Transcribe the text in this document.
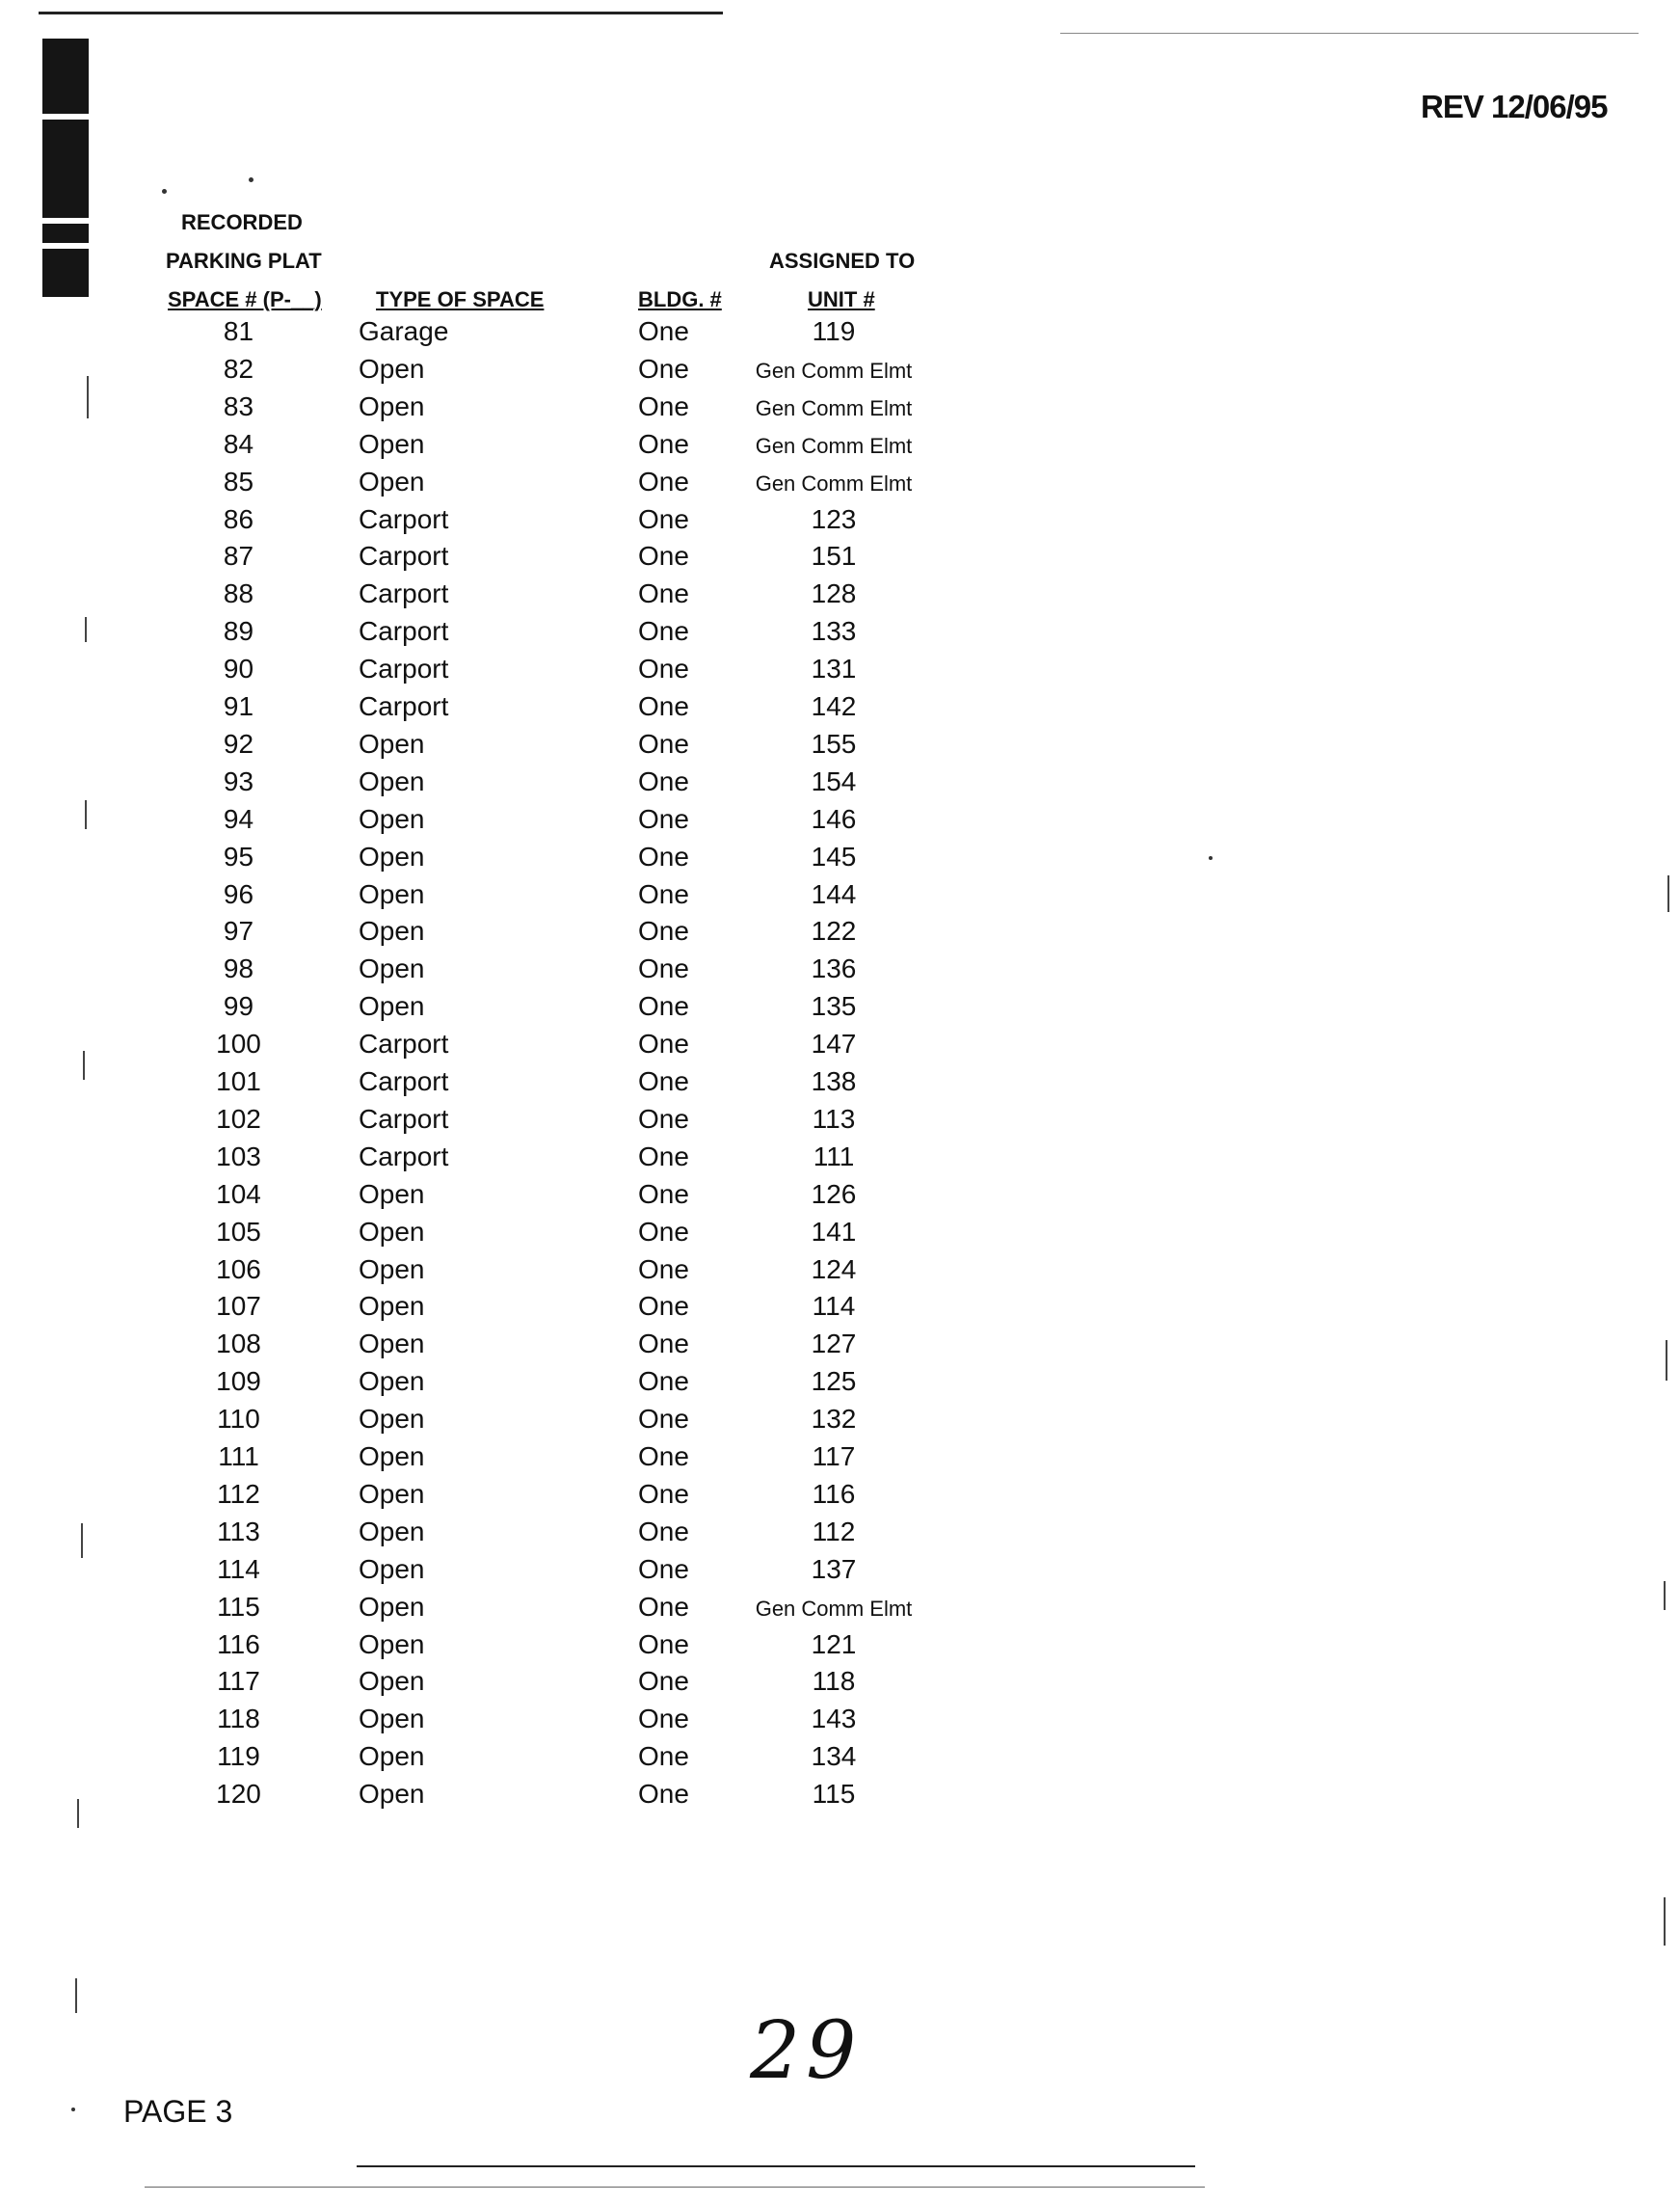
REV 12/06/95
RECORDED
PARKING PLAT
SPACE # (P-__)	TYPE OF SPACE	BLDG. #
ASSIGNED TO
UNIT #
81	Garage	One	119
82	Open	One	Gen Comm Elmt
83	Open	One	Gen Comm Elmt
84	Open	One	Gen Comm Elmt
85	Open	One	Gen Comm Elmt
86	Carport	One	123
87	Carport	One	151
88	Carport	One	128
89	Carport	One	133
90	Carport	One	131
91	Carport	One	142
92	Open	One	155
93	Open	One	154
94	Open	One	146
95	Open	One	145
96	Open	One	144
97	Open	One	122
98	Open	One	136
99	Open	One	135
100	Carport	One	147
101	Carport	One	138
102	Carport	One	113
103	Carport	One	111
104	Open	One	126
105	Open	One	141
106	Open	One	124
107	Open	One	114
108	Open	One	127
109	Open	One	125
110	Open	One	132
111	Open	One	117
112	Open	One	116
113	Open	One	112
114	Open	One	137
115	Open	One	Gen Comm Elmt
116	Open	One	121
117	Open	One	118
118	Open	One	143
119	Open	One	134
120	Open	One	115
PAGE 3
29
